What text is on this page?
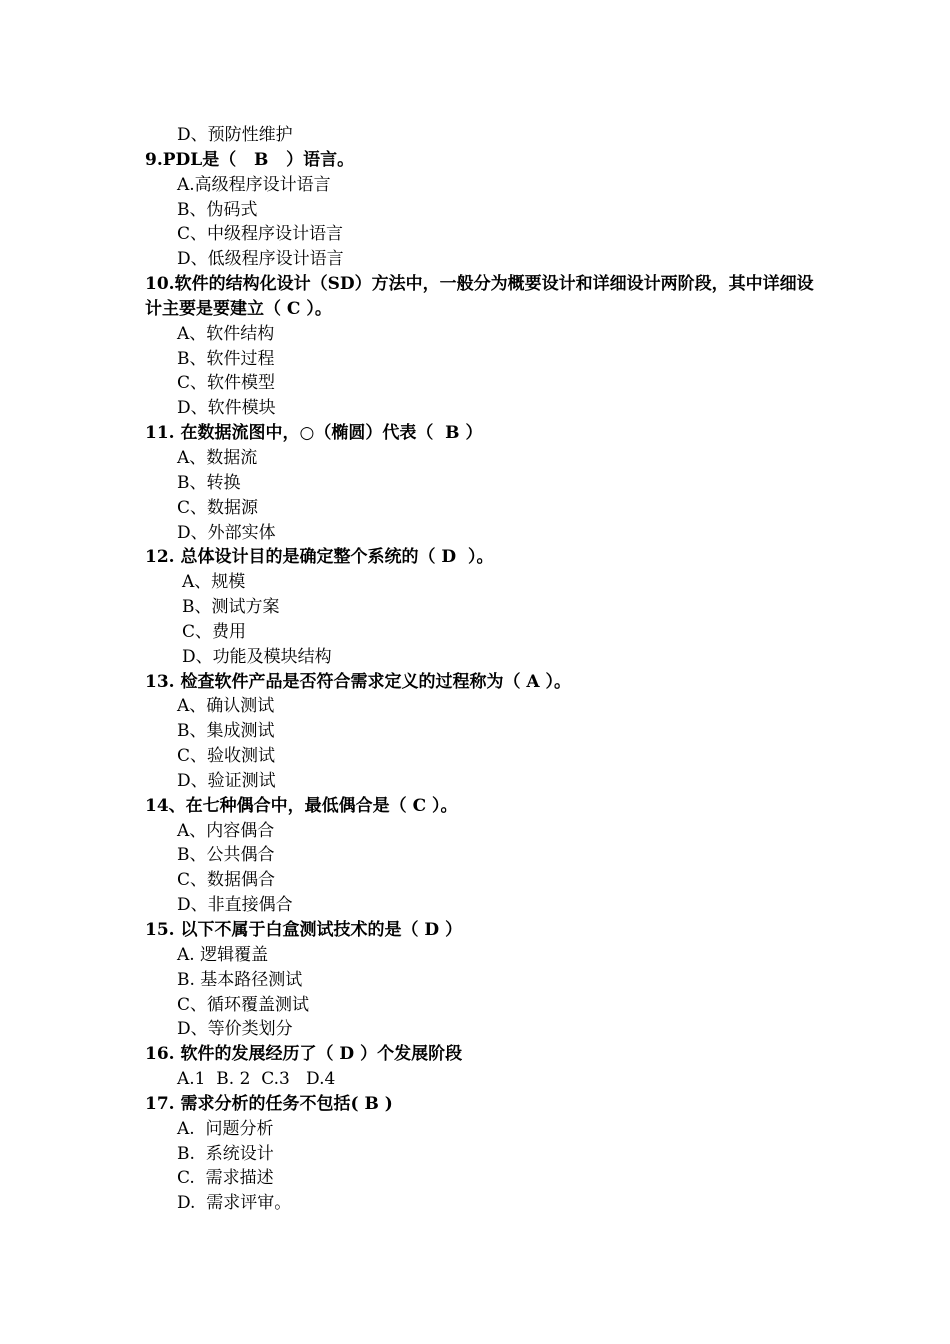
D、预防性维护
9.PDL是（   B   ）语言。
A.高级程序设计语言
B、伪码式
C、中级程序设计语言
D、低级程序设计语言
10.软件的结构化设计（SD）方法中，一般分为概要设计和详细设计两阶段，其中详细设计主要是要建立（ C ）。
A、软件结构
B、软件过程
C、软件模型
D、软件模块
11. 在数据流图中，○（椭圆）代表（  B ）
A、数据流
B、转换
C、数据源
D、外部实体
12. 总体设计目的是确定整个系统的（ D  ）。
A、规模
B、测试方案
C、费用
D、功能及模块结构
13. 检查软件产品是否符合需求定义的过程称为（ A ）。
A、确认测试
B、集成测试
C、验收测试
D、验证测试
14、在七种偶合中，最低偶合是（ C ）。
A、内容偶合
B、公共偶合
C、数据偶合
D、非直接偶合
15. 以下不属于白盒测试技术的是（ D ）
A. 逻辑覆盖
B. 基本路径测试
C、循环覆盖测试
D、等价类划分
16. 软件的发展经历了（ D ）个发展阶段
A.1  B. 2  C.3   D.4
17. 需求分析的任务不包括( B )
A.  问题分析
B.  系统设计
C.  需求描述
D.  需求评审。
